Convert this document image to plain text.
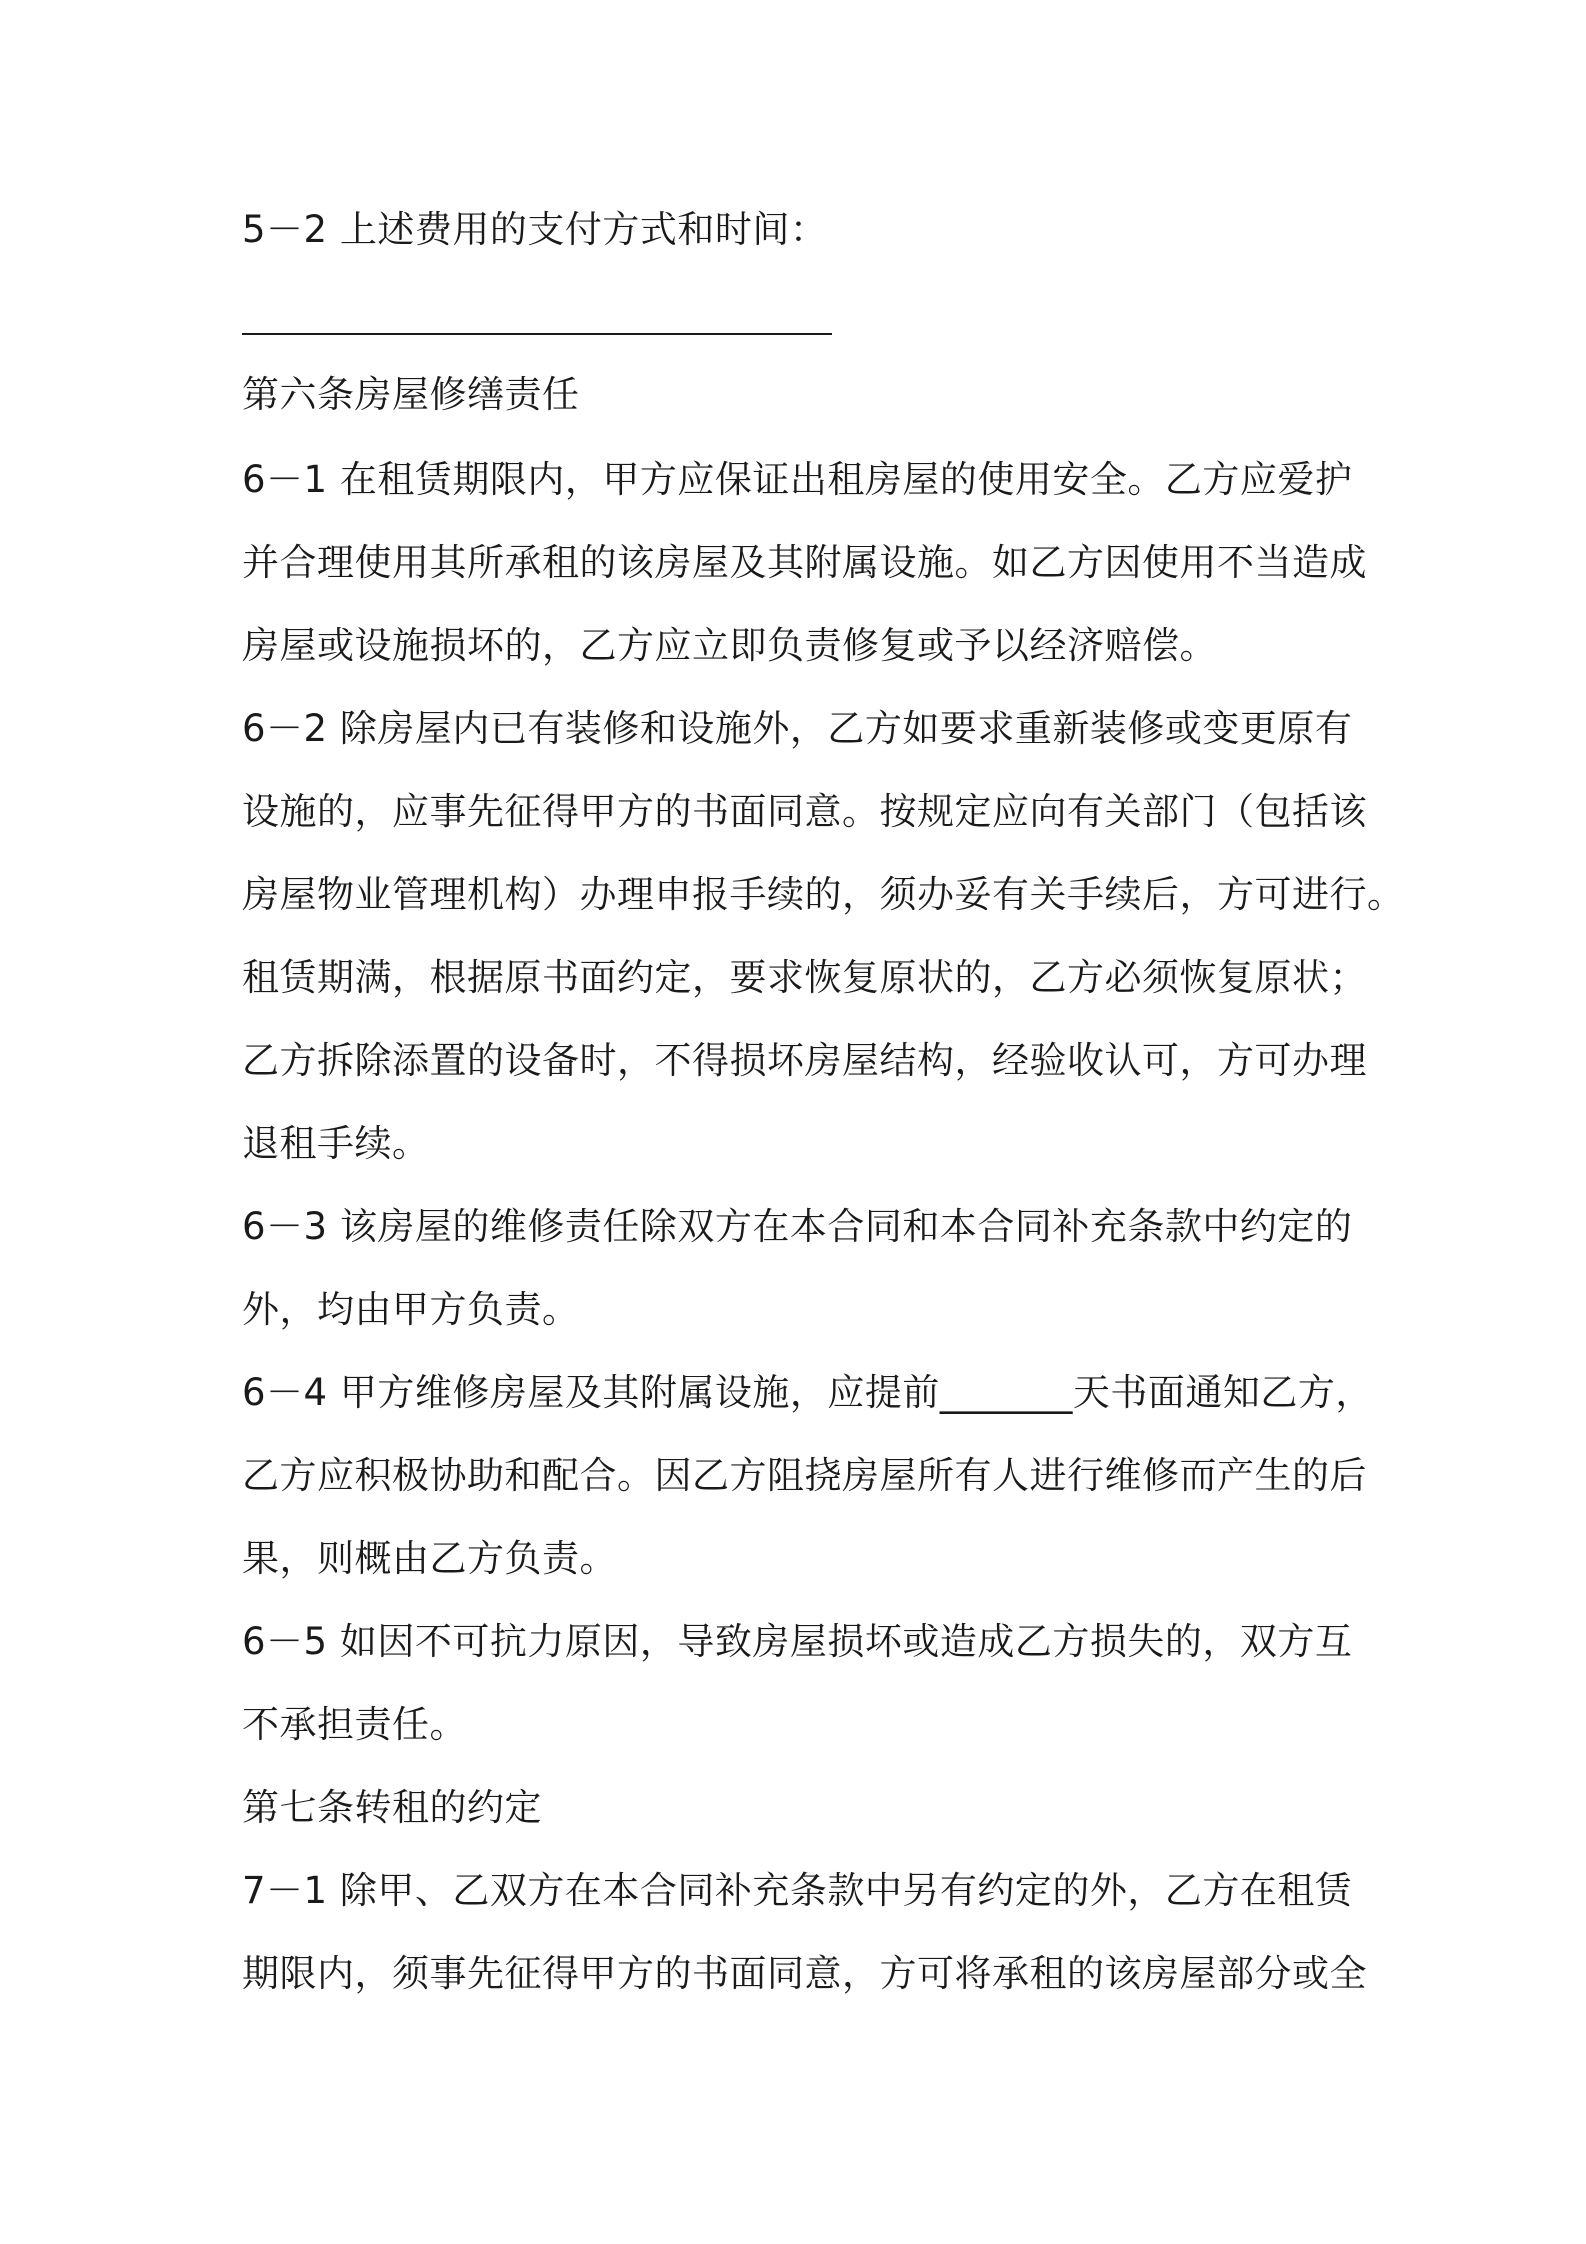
5－2 上述费用的支付方式和时间：
第六条房屋修缮责任
6－1 在租赁期限内，甲方应保证出租房屋的使用安全。乙方应爱护
并合理使用其所承租的该房屋及其附属设施。如乙方因使用不当造成
房屋或设施损坏的，乙方应立即负责修复或予以经济赔偿。
6－2 除房屋内已有装修和设施外，乙方如要求重新装修或变更原有
设施的，应事先征得甲方的书面同意。按规定应向有关部门（包括该
房屋物业管理机构）办理申报手续的，须办妥有关手续后，方可进行。
租赁期满，根据原书面约定，要求恢复原状的，乙方必须恢复原状；
乙方拆除添置的设备时，不得损坏房屋结构，经验收认可，方可办理
退租手续。
6－3 该房屋的维修责任除双方在本合同和本合同补充条款中约定的
外，均由甲方负责。
6－4 甲方维修房屋及其附属设施，应提前_______天书面通知乙方，
乙方应积极协助和配合。因乙方阻挠房屋所有人进行维修而产生的后
果，则概由乙方负责。
6－5 如因不可抗力原因，导致房屋损坏或造成乙方损失的，双方互
不承担责任。
第七条转租的约定
7－1 除甲、乙双方在本合同补充条款中另有约定的外，乙方在租赁
期限内，须事先征得甲方的书面同意，方可将承租的该房屋部分或全
